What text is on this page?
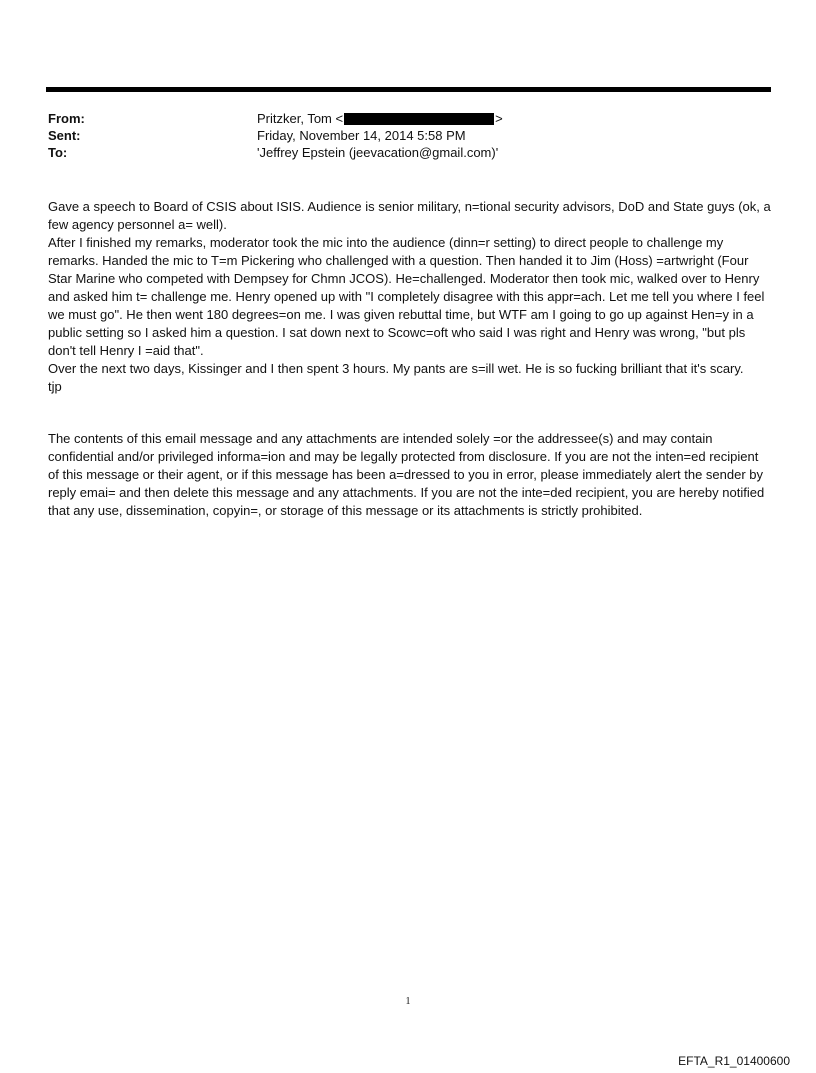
From:	Pritzker, Tom <	>
Sent:	Friday, November 14, 2014 5:58 PM
To:	'Jeffrey Epstein (jeevacation@gmail.com)'
Gave a speech to Board of CSIS about ISIS. Audience is senior military, n=tional security advisors, DoD and State guys (ok, a few agency personnel a= well).
After I finished my remarks, moderator took the mic into the audience (dinn=r setting) to direct people to challenge my remarks. Handed the mic to T=m Pickering who challenged with a question. Then handed it to Jim (Hoss) =artwright (Four Star Marine who competed with Dempsey for Chmn JCOS). He=challenged. Moderator then took mic, walked over to Henry and asked him t= challenge me. Henry opened up with "I completely disagree with this appr=ach. Let me tell you where I feel we must go". He then went 180 degrees=on me. I was given rebuttal time, but WTF am I going to go up against Hen=y in a public setting so I asked him a question. I sat down next to Scowc=oft who said I was right and Henry was wrong, "but pls don't tell Henry I =aid that".
Over the next two days, Kissinger and I then spent 3 hours. My pants are s=ill wet. He is so fucking brilliant that it's scary.
tjp
The contents of this email message and any attachments are intended solely =or the addressee(s) and may contain confidential and/or privileged informa=ion and may be legally protected from disclosure. If you are not the inten=ed recipient of this message or their agent, or if this message has been a=dressed to you in error, please immediately alert the sender by reply emai= and then delete this message and any attachments. If you are not the inte=ded recipient, you are hereby notified that any use, dissemination, copyin=, or storage of this message or its attachments is strictly prohibited.
1
EFTA_R1_01400600
